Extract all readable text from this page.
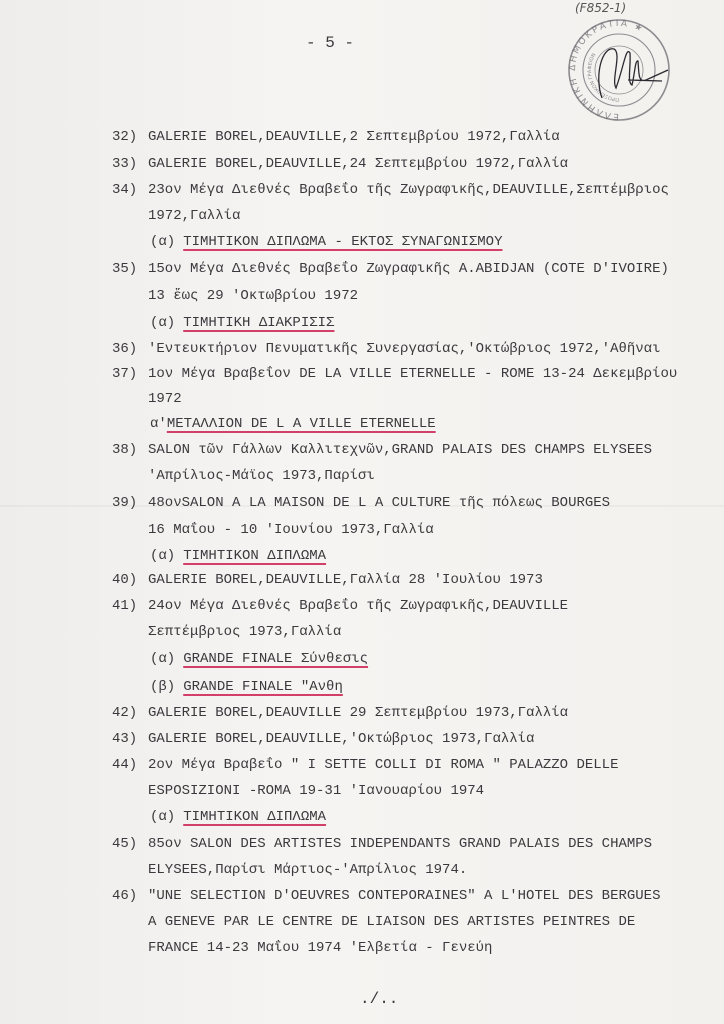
- 5 -
(F852-1)
ΕΛΛΗΝΙΚΗ ΔΗΜΟΚΡΑΤΙΑ ★
ΠΡΟΞΕΝΙΚΟΝ ΓΡΑΦΕΙΟΝ
32) GALERIE BOREL,DEAUVILLE,2 Σεπτεμβρίου 1972,Γαλλία
33) GALERIE BOREL,DEAUVILLE,24 Σεπτεμβρίου 1972,Γαλλία
34) 23ον Μέγα Διεθνές Βραβεΐο τῆς Ζωγραφικῆς,DEAUVILLE,Σεπτέμβριος
1972,Γαλλία
(α) ΤΙΜΗΤΙΚΟΝ ΔΙΠΛΩΜΑ - ΕΚΤΟΣ ΣΥΝΑΓΩΝΙΣΜΟΥ
35) 15ον Μέγα Διεθνές Βραβεΐο Ζωγραφικῆς A.ABIDJAN (COTE D'IVOIRE)
13 ἕως 29 'Οκτωβρίου 1972
(α) ΤΙΜΗΤΙΚΗ ΔΙΑΚΡΙΣΙΣ
36) 'Εντευκτήριον Πενυματικῆς Συνεργασίας,'Οκτώβριος 1972,'Αθῆναι
37) 1ον Μέγα Βραβεΐον DE LA VILLE ETERNELLE - ROME 13-24 Δεκεμβρίου
1972
α'ΜΕΤΑΛΛΙΟΝ DE L A VILLE ETERNELLE
38) SALON τῶν Γάλλων Καλλιτεχνῶν,GRAND PALAIS DES CHAMPS ELYSEES
'Απρίλιος-Μάϊος 1973,Παρίσι
39) 48ονSALON A LA MAISON DE L A CULTURE τῆς πόλεως BOURGES
16 Μαΐου - 10 'Ιουνίου 1973,Γαλλία
(α) ΤΙΜΗΤΙΚΟΝ ΔΙΠΛΩΜΑ
40) GALERIE BOREL,DEAUVILLE,Γαλλία 28 'Ιουλίου 1973
41) 24ον Μέγα Διεθνές Βραβεΐο τῆς Ζωγραφικῆς,DEAUVILLE
Σεπτέμβριος 1973,Γαλλία
(α) GRANDE FINALE Σύνθεσις
(β) GRANDE FINALE "Ανθη
42) GALERIE BOREL,DEAUVILLE 29 Σεπτεμβρίου 1973,Γαλλία
43) GALERIE BOREL,DEAUVILLE,'Οκτώβριος 1973,Γαλλία
44) 2ον Μέγα Βραβεΐο " I SETTE COLLI DI ROMA " PALAZZO DELLE
ESPOSIZIONI -ROMA 19-31 'Ιανουαρίου 1974
(α) ΤΙΜΗΤΙΚΟΝ ΔΙΠΛΩΜΑ
45) 85ον SALON DES ARTISTES INDEPENDANTS GRAND PALAIS DES CHAMPS
ELYSEES,Παρίσι Μάρτιος-'Απρίλιος 1974.
46) "UNE SELECTION D'OEUVRES CONTEPORAINES" A L'HOTEL DES BERGUES
A GENEVE PAR LE CENTRE DE LIAISON DES ARTISTES PEINTRES DE
FRANCE 14-23 Μαΐου 1974 'Ελβετία - Γενεύη
./..
